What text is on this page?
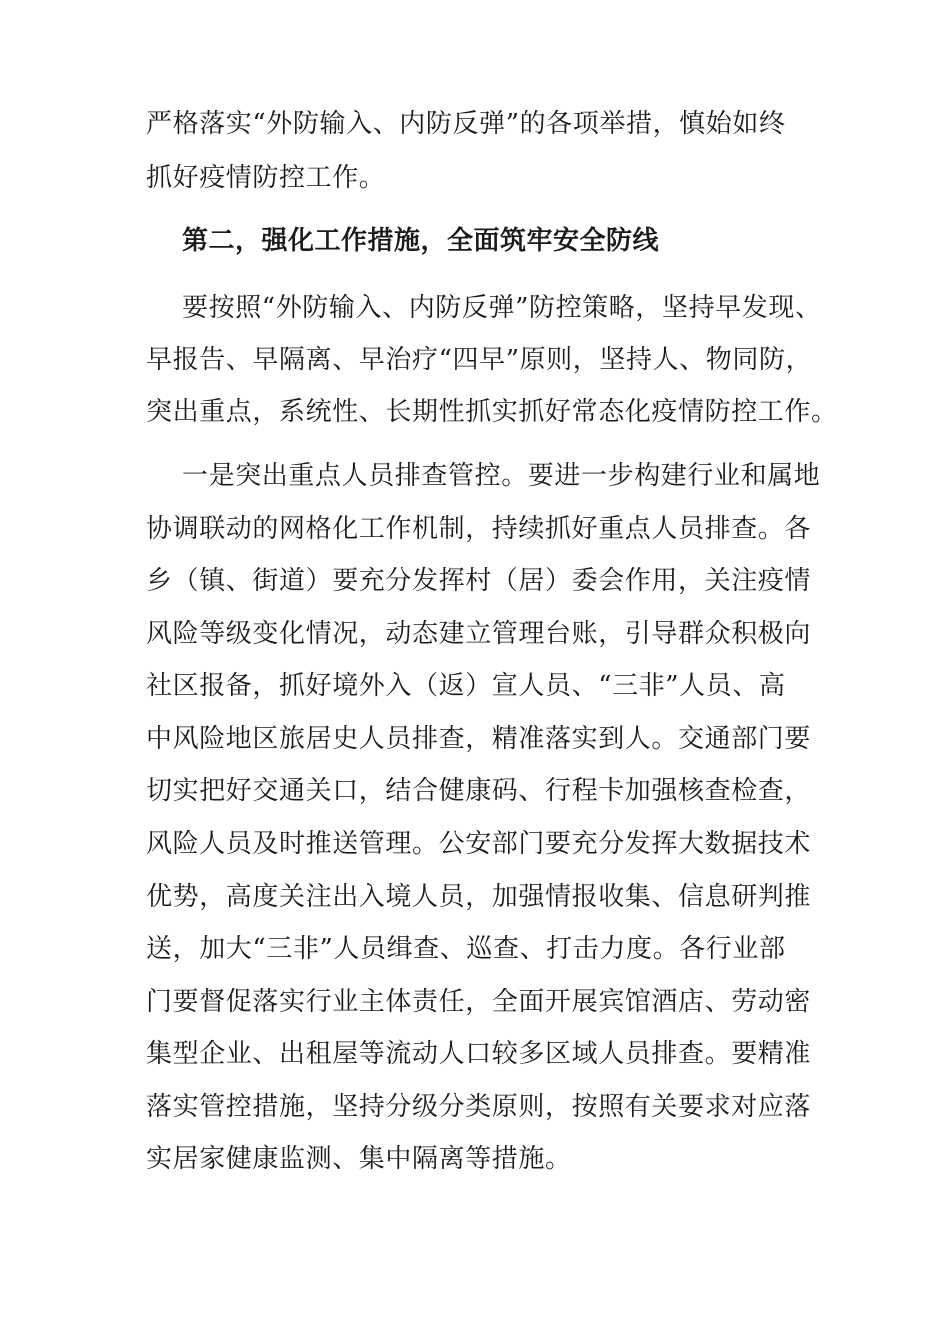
严格落实“外防输入、内防反弹”的各项举措，慎始如终
抓好疫情防控工作。
第二，强化工作措施，全面筑牢安全防线
要按照“外防输入、内防反弹”防控策略，坚持早发现、
早报告、早隔离、早治疗“四早”原则，坚持人、物同防，
突出重点，系统性、长期性抓实抓好常态化疫情防控工作。
一是突出重点人员排查管控。要进一步构建行业和属地
协调联动的网格化工作机制，持续抓好重点人员排查。各
乡（镇、街道）要充分发挥村（居）委会作用，关注疫情
风险等级变化情况，动态建立管理台账，引导群众积极向
社区报备，抓好境外入（返）宣人员、“三非”人员、高
中风险地区旅居史人员排查，精准落实到人。交通部门要
切实把好交通关口，结合健康码、行程卡加强核查检查，
风险人员及时推送管理。公安部门要充分发挥大数据技术
优势，高度关注出入境人员，加强情报收集、信息研判推
送，加大“三非”人员缉查、巡查、打击力度。各行业部
门要督促落实行业主体责任，全面开展宾馆酒店、劳动密
集型企业、出租屋等流动人口较多区域人员排查。要精准
落实管控措施，坚持分级分类原则，按照有关要求对应落
实居家健康监测、集中隔离等措施。
